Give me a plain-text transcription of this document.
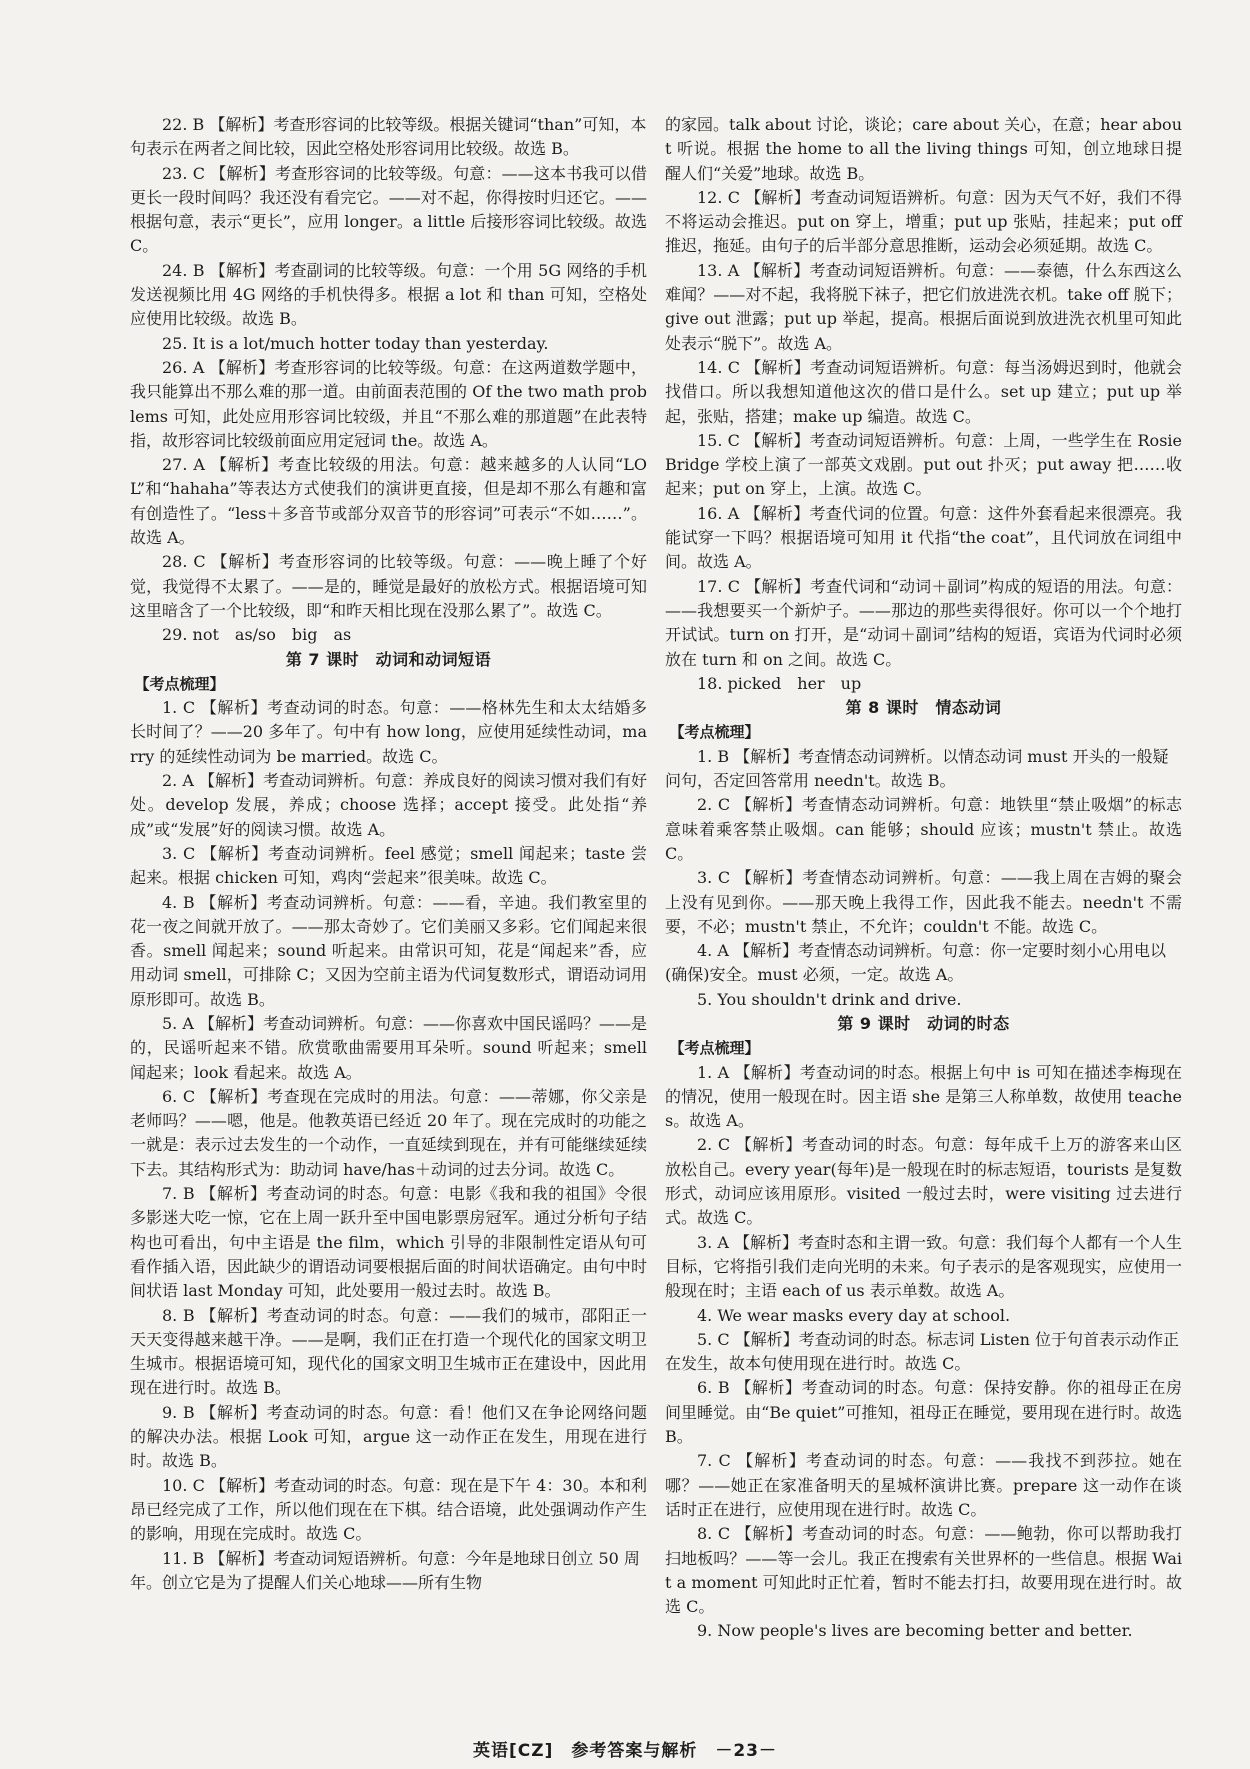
22. B 【解析】考查形容词的比较等级。根据关键词“than”可知，本句表示在两者之间比较，因此空格处形容词用比较级。故选 B。

23. C 【解析】考查形容词的比较等级。句意：——这本书我可以借更长一段时间吗？我还没有看完它。——对不起，你得按时归还它。——根据句意，表示“更长”，应用 longer。a little 后接形容词比较级。故选 C。

24. B 【解析】考查副词的比较等级。句意：一个用 5G 网络的手机发送视频比用 4G 网络的手机快得多。根据 a lot 和 than 可知，空格处应使用比较级。故选 B。

25. It is a lot/much hotter today than yesterday.

26. A 【解析】考查形容词的比较等级。句意：在这两道数学题中，我只能算出不那么难的那一道。由前面表范围的 Of the two math problems 可知，此处应用形容词比较级，并且“不那么难的那道题”在此表特指，故形容词比较级前面应用定冠词 the。故选 A。

27. A 【解析】考查比较级的用法。句意：越来越多的人认同“LOL”和“hahaha”等表达方式使我们的演讲更直接，但是却不那么有趣和富有创造性了。“less＋多音节或部分双音节的形容词”可表示“不如……”。故选 A。

28. C 【解析】考查形容词的比较等级。句意：——晚上睡了个好觉，我觉得不太累了。——是的，睡觉是最好的放松方式。根据语境可知这里暗含了一个比较级，即“和昨天相比现在没那么累了”。故选 C。

29. not　as/so　big　as

第 7 课时　动词和动词短语

【考点梳理】

1. C 【解析】考查动词的时态。句意：——格林先生和太太结婚多长时间了？——20 多年了。句中有 how long，应使用延续性动词，marry 的延续性动词为 be married。故选 C。

2. A 【解析】考查动词辨析。句意：养成良好的阅读习惯对我们有好处。develop 发展，养成；choose 选择；accept 接受。此处指“养成”或“发展”好的阅读习惯。故选 A。

3. C 【解析】考查动词辨析。feel 感觉；smell 闻起来；taste 尝起来。根据 chicken 可知，鸡肉“尝起来”很美味。故选 C。

4. B 【解析】考查动词辨析。句意：——看，辛迪。我们教室里的花一夜之间就开放了。——那太奇妙了。它们美丽又多彩。它们闻起来很香。smell 闻起来；sound 听起来。由常识可知，花是“闻起来”香，应用动词 smell，可排除 C；又因为空前主语为代词复数形式，谓语动词用原形即可。故选 B。

5. A 【解析】考查动词辨析。句意：——你喜欢中国民谣吗？——是的，民谣听起来不错。欣赏歌曲需要用耳朵听。sound 听起来；smell 闻起来；look 看起来。故选 A。

6. C 【解析】考查现在完成时的用法。句意：——蒂娜，你父亲是老师吗？——嗯，他是。他教英语已经近 20 年了。现在完成时的功能之一就是：表示过去发生的一个动作，一直延续到现在，并有可能继续延续下去。其结构形式为：助动词 have/has＋动词的过去分词。故选 C。

7. B 【解析】考查动词的时态。句意：电影《我和我的祖国》令很多影迷大吃一惊，它在上周一跃升至中国电影票房冠军。通过分析句子结构也可看出，句中主语是 the film，which 引导的非限制性定语从句可看作插入语，因此缺少的谓语动词要根据后面的时间状语确定。由句中时间状语 last Monday 可知，此处要用一般过去时。故选 B。

8. B 【解析】考查动词的时态。句意：——我们的城市，邵阳正一天天变得越来越干净。——是啊，我们正在打造一个现代化的国家文明卫生城市。根据语境可知，现代化的国家文明卫生城市正在建设中，因此用现在进行时。故选 B。

9. B 【解析】考查动词的时态。句意：看！他们又在争论网络问题的解决办法。根据 Look 可知，argue 这一动作正在发生，用现在进行时。故选 B。

10. C 【解析】考查动词的时态。句意：现在是下午 4：30。本和利昂已经完成了工作，所以他们现在在下棋。结合语境，此处强调动作产生的影响，用现在完成时。故选 C。

11. B 【解析】考查动词短语辨析。句意：今年是地球日创立 50 周年。创立它是为了提醒人们关心地球——所有生物

的家园。talk about 讨论，谈论；care about 关心，在意；hear about 听说。根据 the home to all the living things 可知，创立地球日提醒人们“关爱”地球。故选 B。

12. C 【解析】考查动词短语辨析。句意：因为天气不好，我们不得不将运动会推迟。put on 穿上，增重；put up 张贴，挂起来；put off 推迟，拖延。由句子的后半部分意思推断，运动会必须延期。故选 C。

13. A 【解析】考查动词短语辨析。句意：——泰德，什么东西这么难闻？——对不起，我将脱下袜子，把它们放进洗衣机。take off 脱下；give out 泄露；put up 举起，提高。根据后面说到放进洗衣机里可知此处表示“脱下”。故选 A。

14. C 【解析】考查动词短语辨析。句意：每当汤姆迟到时，他就会找借口。所以我想知道他这次的借口是什么。set up 建立；put up 举起，张贴，搭建；make up 编造。故选 C。

15. C 【解析】考查动词短语辨析。句意：上周，一些学生在 Rosie Bridge 学校上演了一部英文戏剧。put out 扑灭；put away 把……收起来；put on 穿上，上演。故选 C。

16. A 【解析】考查代词的位置。句意：这件外套看起来很漂亮。我能试穿一下吗？根据语境可知用 it 代指“the coat”，且代词放在词组中间。故选 A。

17. C 【解析】考查代词和“动词＋副词”构成的短语的用法。句意：——我想要买一个新炉子。——那边的那些卖得很好。你可以一个个地打开试试。turn on 打开，是“动词＋副词”结构的短语，宾语为代词时必须放在 turn 和 on 之间。故选 C。

18. picked　her　up

第 8 课时　情态动词

【考点梳理】

1. B 【解析】考查情态动词辨析。以情态动词 must 开头的一般疑问句，否定回答常用 needn't。故选 B。

2. C 【解析】考查情态动词辨析。句意：地铁里“禁止吸烟”的标志意味着乘客禁止吸烟。can 能够；should 应该；mustn't 禁止。故选 C。

3. C 【解析】考查情态动词辨析。句意：——我上周在吉姆的聚会上没有见到你。——那天晚上我得工作，因此我不能去。needn't 不需要，不必；mustn't 禁止，不允许；couldn't 不能。故选 C。

4. A 【解析】考查情态动词辨析。句意：你一定要时刻小心用电以(确保)安全。must 必须，一定。故选 A。

5. You shouldn't drink and drive.

第 9 课时　动词的时态

【考点梳理】

1. A 【解析】考查动词的时态。根据上句中 is 可知在描述李梅现在的情况，使用一般现在时。因主语 she 是第三人称单数，故使用 teaches。故选 A。

2. C 【解析】考查动词的时态。句意：每年成千上万的游客来山区放松自己。every year(每年)是一般现在时的标志短语，tourists 是复数形式，动词应该用原形。visited 一般过去时，were visiting 过去进行式。故选 C。

3. A 【解析】考查时态和主谓一致。句意：我们每个人都有一个人生目标，它将指引我们走向光明的未来。句子表示的是客观现实，应使用一般现在时；主语 each of us 表示单数。故选 A。

4. We wear masks every day at school.

5. C 【解析】考查动词的时态。标志词 Listen 位于句首表示动作正在发生，故本句使用现在进行时。故选 C。

6. B 【解析】考查动词的时态。句意：保持安静。你的祖母正在房间里睡觉。由“Be quiet”可推知，祖母正在睡觉，要用现在进行时。故选 B。

7. C 【解析】考查动词的时态。句意：——我找不到莎拉。她在哪？——她正在家准备明天的星城杯演讲比赛。prepare 这一动作在谈话时正在进行，应使用现在进行时。故选 C。

8. C 【解析】考查动词的时态。句意：——鲍勃，你可以帮助我打扫地板吗？——等一会儿。我正在搜索有关世界杯的一些信息。根据 Wait a moment 可知此时正忙着，暂时不能去打扫，故要用现在进行时。故选 C。

9. Now people's lives are becoming better and better.

英语[CZ]　参考答案与解析　－23－
